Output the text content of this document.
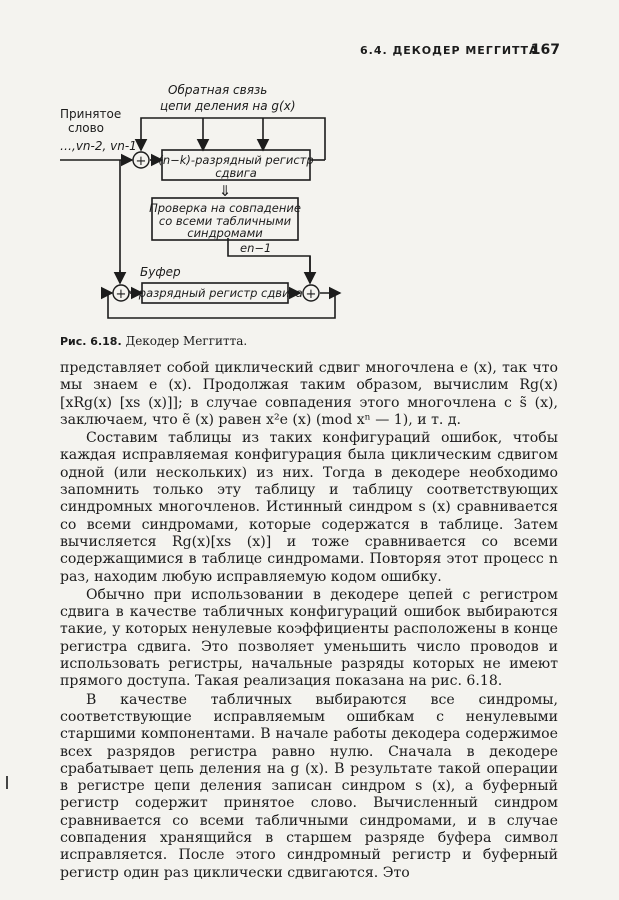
6.4. ДЕКОДЕР МЕГГИТТА
167
+
+	+
Обратная связь
цепи деления на g(x)
Принятое
слово
…,vn-2, vn-1
(n−k)-разрядный регистр
сдвига
⇓
Проверка на совпадение
со всеми табличными
синдромами
en−1
Буфер
n-разрядный регистр сдвига
Рис. 6.18. Декодер Меггитта.

представляет собой циклический сдвиг многочлена e (x), так что мы знаем e (x). Продолжая таким образом, вычислим Rg(x) [xRg(x) [xs (x)]]; в случае совпадения этого многочлена с s̃ (x), заключаем, что ẽ (x) равен x²e (x) (mod xⁿ — 1), и т. д.

Составим таблицы из таких конфигураций ошибок, чтобы каждая исправляемая конфигурация была циклическим сдвигом одной (или нескольких) из них. Тогда в декодере необходимо запомнить только эту таблицу и таблицу соответствующих синдромных многочленов. Истинный синдром s (x) сравнивается со всеми синдромами, которые содержатся в таблице. Затем вычисляется Rg(x)[xs (x)] и тоже сравнивается со всеми содержащимися в таблице синдромами. Повторяя этот процесс n раз, находим любую исправляемую кодом ошибку.

Обычно при использовании в декодере цепей с регистром сдвига в качестве табличных конфигураций ошибок выбираются такие, у которых ненулевые коэффициенты расположены в конце регистра сдвига. Это позволяет уменьшить число проводов и использовать регистры, начальные разряды которых не имеют прямого доступа. Такая реализация показана на рис. 6.18.

В качестве табличных выбираются все синдромы, соответствующие исправляемым ошибкам с ненулевыми старшими компонентами. В начале работы декодера содержимое всех разрядов регистра равно нулю. Сначала в декодере срабатывает цепь деления на g (x). В результате такой операции в регистре цепи деления записан синдром s (x), а буферный регистр содержит принятое слово. Вычисленный синдром сравнивается со всеми табличными синдромами, и в случае совпадения хранящийся в старшем разряде буфера символ исправляется. После этого синдромный регистр и буферный регистр один раз циклически сдвигаются. Это
